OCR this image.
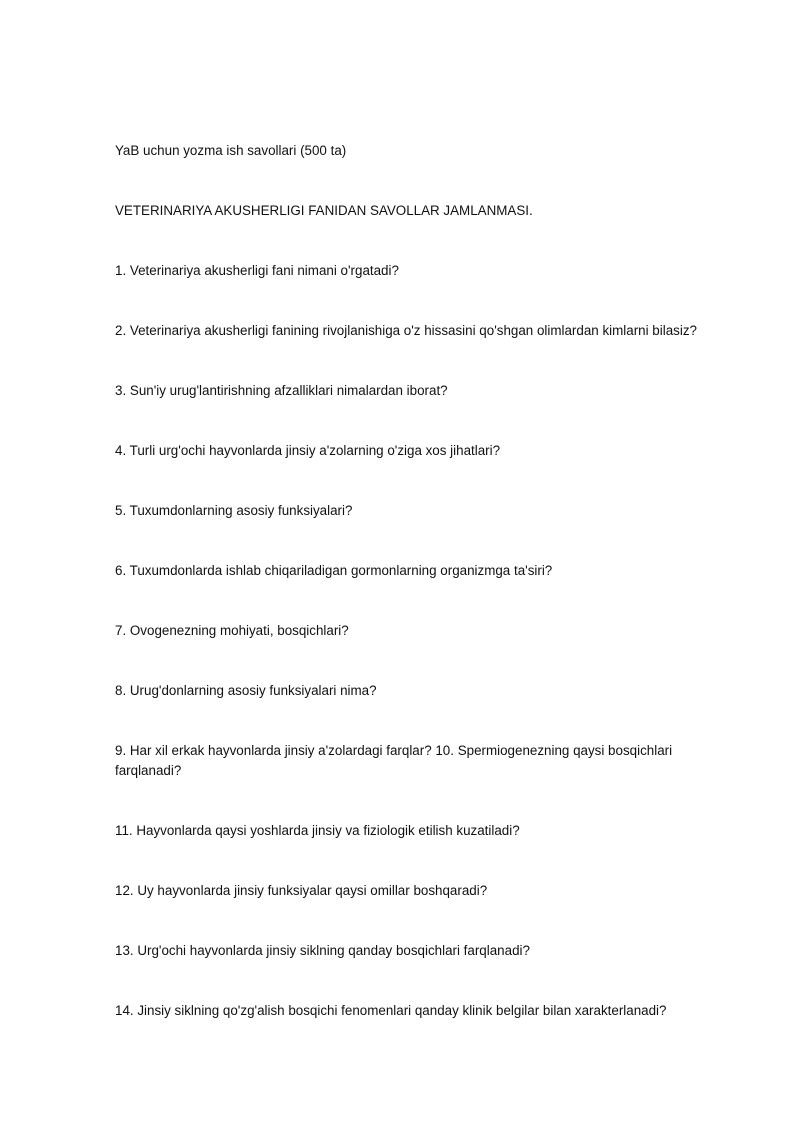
YaB uchun yozma ish savollari (500 ta)
VETERINARIYA AKUSHERLIGI FANIDAN SAVOLLAR JAMLANMASI.
1. Veterinariya akusherligi fani nimani o'rgatadi?
2. Veterinariya akusherligi fanining rivojlanishiga o'z hissasini qo'shgan olimlardan kimlarni bilasiz?
3. Sun'iy urug'lantirishning afzalliklari nimalardan iborat?
4. Turli urg'ochi hayvonlarda jinsiy a'zolarning o'ziga xos jihatlari?
5. Tuxumdonlarning asosiy funksiyalari?
6. Tuxumdonlarda ishlab chiqariladigan gormonlarning organizmga ta'siri?
7. Ovogenezning mohiyati, bosqichlari?
8. Urug'donlarning asosiy funksiyalari nima?
9. Har xil erkak hayvonlarda jinsiy a'zolardagi farqlar? 10. Spermiogenezning qaysi bosqichlari farqlanadi?
11. Hayvonlarda qaysi yoshlarda jinsiy va fiziologik etilish kuzatiladi?
12. Uy hayvonlarda jinsiy funksiyalar qaysi omillar boshqaradi?
13. Urg'ochi hayvonlarda jinsiy siklning qanday bosqichlari farqlanadi?
14. Jinsiy siklning qo'zg'alish bosqichi fenomenlari qanday klinik belgilar bilan xarakterlanadi?
